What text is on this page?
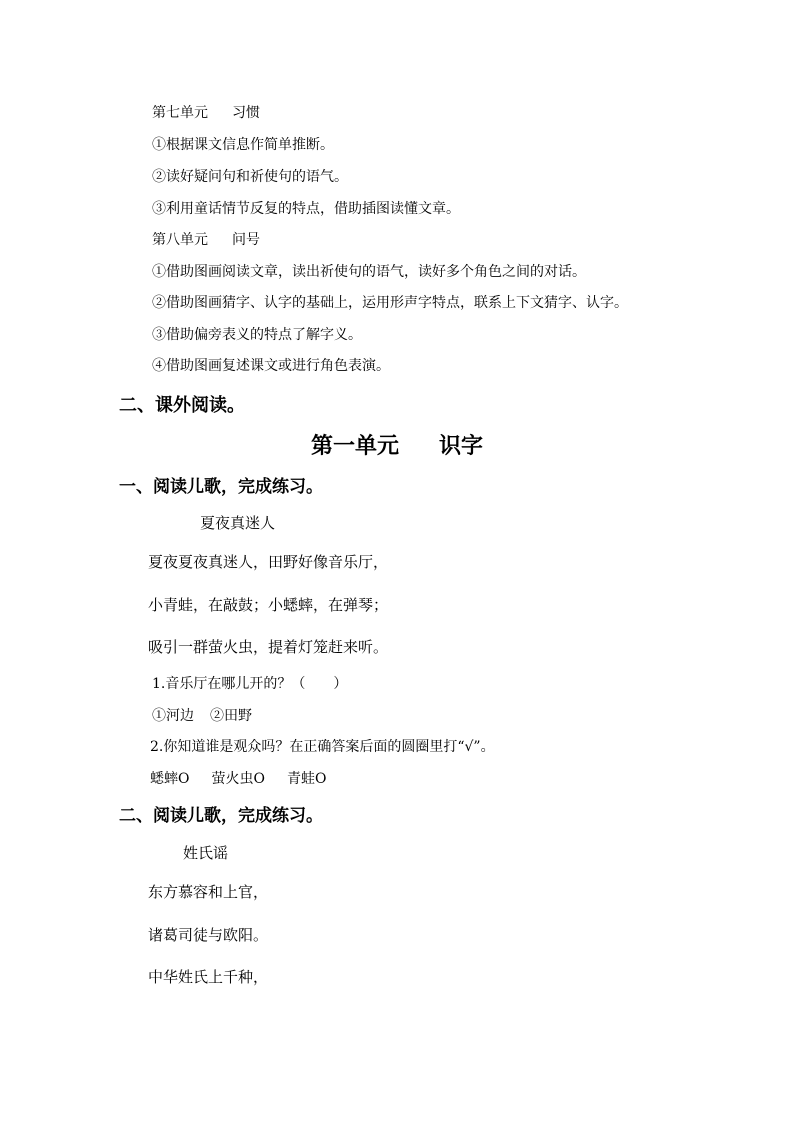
第七单元 习惯
①根据课文信息作简单推断。
②读好疑问句和祈使句的语气。
③利用童话情节反复的特点，借助插图读懂文章。
第八单元 问号
①借助图画阅读文章，读出祈使句的语气，读好多个角色之间的对话。
②借助图画猜字、认字的基础上，运用形声字特点，联系上下文猜字、认字。
③借助偏旁表义的特点了解字义。
④借助图画复述课文或进行角色表演。
二、课外阅读。
第一单元 识字
一、阅读儿歌，完成练习。
夏夜真迷人
夏夜夏夜真迷人，田野好像音乐厅，
小青蛙，在敲鼓；小蟋蟀，在弹琴；
吸引一群萤火虫，提着灯笼赶来听。
1.音乐厅在哪儿开的？（　　）
①河边 ②田野
2.你知道谁是观众吗？在正确答案后面的圆圈里打“√”。
蟋蟀O 萤火虫O 青蛙O
二、阅读儿歌，完成练习。
姓氏谣
东方慕容和上官，
诸葛司徒与欧阳。
中华姓氏上千种，
